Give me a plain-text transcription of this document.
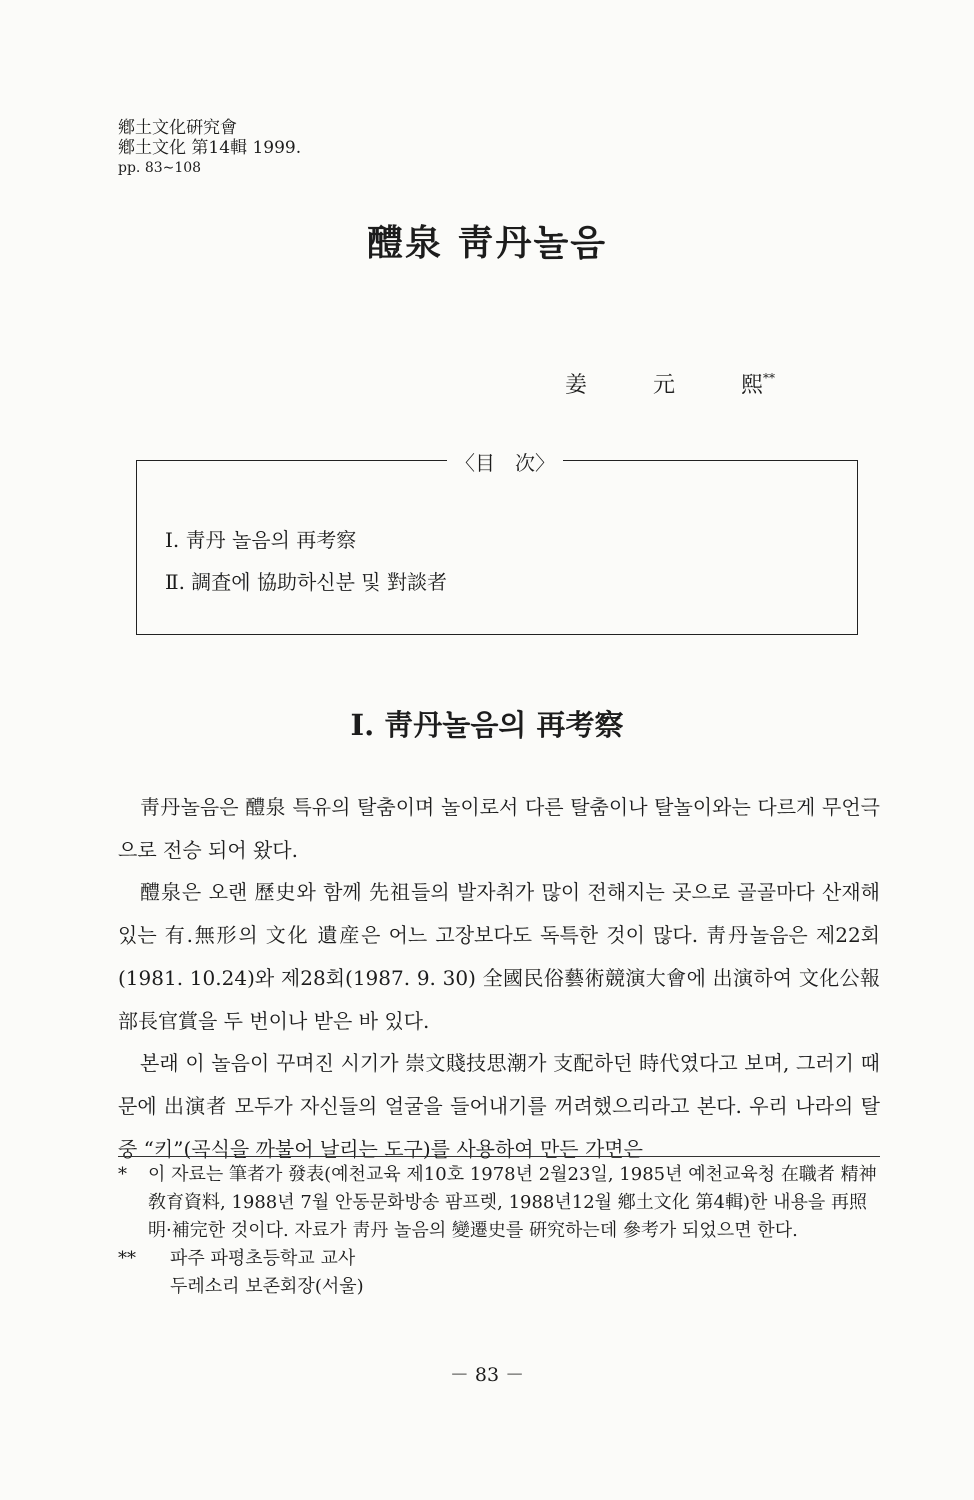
鄕土文化硏究會
鄕土文化 第14輯 1999.
pp. 83∼108
醴泉 靑丹놀음
姜	元	熙**
〈目　次〉
Ⅰ. 靑丹 놀음의 再考察
Ⅱ. 調査에 協助하신분 및 對談者
Ⅰ. 靑丹놀음의 再考察

靑丹놀음은 醴泉 특유의 탈춤이며 놀이로서 다른 탈춤이나 탈놀이와는 다르게 무언극으로 전승 되어 왔다.

醴泉은 오랜 歷史와 함께 先祖들의 발자취가 많이 전해지는 곳으로 골골마다 산재해 있는 有.無形의 文化 遺産은 어느 고장보다도 독특한 것이 많다. 靑丹놀음은 제22회(1981. 10.24)와 제28회(1987. 9. 30) 全國民俗藝術競演大會에 出演하여 文化公報部長官賞을 두 번이나 받은 바 있다.

본래 이 놀음이 꾸며진 시기가 崇文賤技思潮가 支配하던 時代였다고 보며, 그러기 때문에 出演者 모두가 자신들의 얼굴을 들어내기를 꺼려했으리라고 본다. 우리 나라의 탈 중 “키”(곡식을 까불어 날리는 도구)를 사용하여 만든 가면은

* 이 자료는 筆者가 發表(예천교육 제10호 1978년 2월23일, 1985년 예천교육청 在職者 精神敎育資料, 1988년 7월 안동문화방송 팜프렛, 1988년12월 鄕土文化 第4輯)한 내용을 再照明·補完한 것이다. 자료가 靑丹 놀음의 變遷史를 硏究하는데 參考가 되었으면 한다.
** 파주 파평초등학교 교사
두레소리 보존회장(서울)
－ 83 －
